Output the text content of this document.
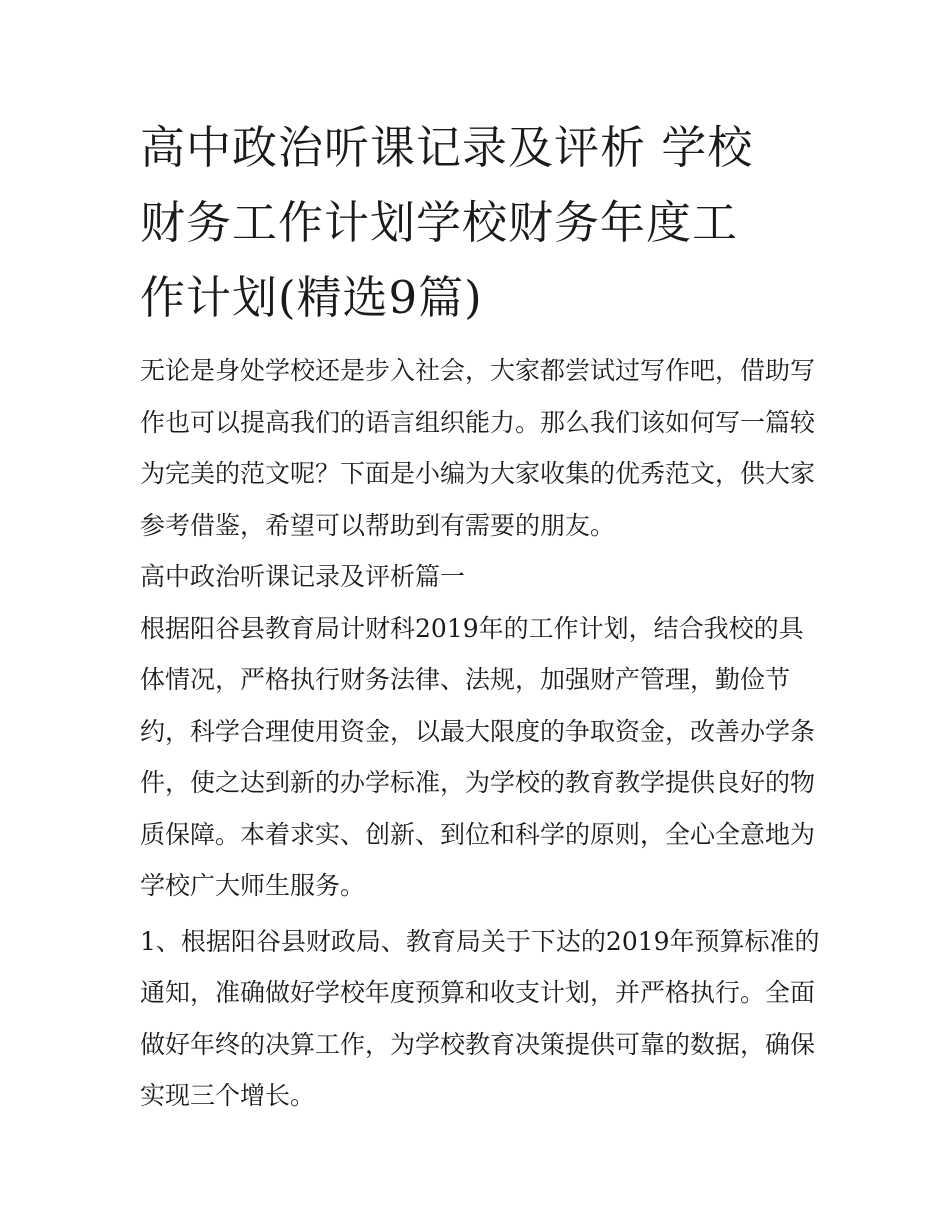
高中政治听课记录及评析 学校
财务工作计划学校财务年度工
作计划(精选9篇)

无论是身处学校还是步入社会，大家都尝试过写作吧，借助写
作也可以提高我们的语言组织能力。那么我们该如何写一篇较
为完美的范文呢？下面是小编为大家收集的优秀范文，供大家
参考借鉴，希望可以帮助到有需要的朋友。

高中政治听课记录及评析篇一

根据阳谷县教育局计财科2019年的工作计划，结合我校的具
体情况，严格执行财务法律、法规，加强财产管理，勤俭节
约，科学合理使用资金，以最大限度的争取资金，改善办学条
件，使之达到新的办学标准，为学校的教育教学提供良好的物
质保障。本着求实、创新、到位和科学的原则，全心全意地为
学校广大师生服务。

1、根据阳谷县财政局、教育局关于下达的2019年预算标准的
通知，准确做好学校年度预算和收支计划，并严格执行。全面
做好年终的决算工作，为学校教育决策提供可靠的数据，确保
实现三个增长。
